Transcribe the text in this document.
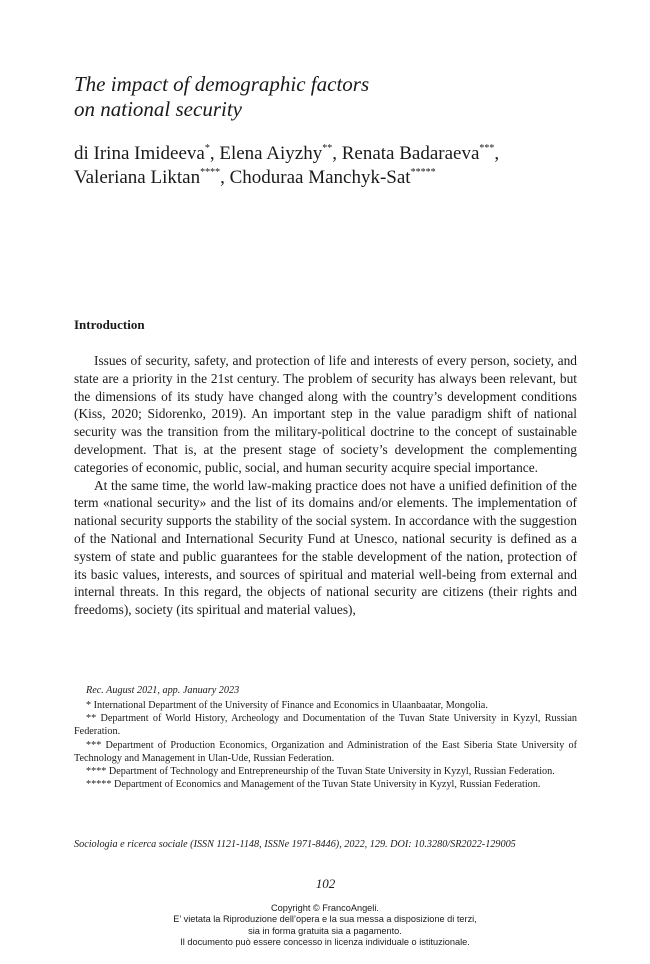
The impact of demographic factors
on national security
di Irina Imideeva*, Elena Aiyzhy**, Renata Badaraeva***,
Valeriana Liktan****, Choduraa Manchyk-Sat*****
Introduction

Issues of security, safety, and protection of life and interests of every person, society, and state are a priority in the 21st century. The problem of security has always been relevant, but the dimensions of its study have changed along with the country’s development conditions (Kiss, 2020; Sidorenko, 2019). An important step in the value paradigm shift of national security was the transition from the military-political doctrine to the concept of sustainable development. That is, at the present stage of society’s development the complementing categories of economic, public, social, and human security acquire special importance.

At the same time, the world law-making practice does not have a unified definition of the term «national security» and the list of its domains and/or elements. The implementation of national security supports the stability of the social system. In accordance with the suggestion of the National and International Security Fund at Unesco, national security is defined as a system of state and public guarantees for the stable development of the nation, protection of its basic values, interests, and sources of spiritual and material well-being from external and internal threats. In this regard, the objects of national security are citizens (their rights and freedoms), society (its spiritual and material values),

Rec. August 2021, app. January 2023

* International Department of the University of Finance and Economics in Ulaanbaatar, Mongolia.

** Department of World History, Archeology and Documentation of the Tuvan State University in Kyzyl, Russian Federation.

*** Department of Production Economics, Organization and Administration of the East Siberia State University of Technology and Management in Ulan-Ude, Russian Federation.

**** Department of Technology and Entrepreneurship of the Tuvan State University in Kyzyl, Russian Federation.

***** Department of Economics and Management of the Tuvan State University in Kyzyl, Russian Federation.

Sociologia e ricerca sociale (ISSN 1121-1148, ISSNe 1971-8446), 2022, 129. DOI: 10.3280/SR2022-129005

102

Copyright © FrancoAngeli.
E’ vietata la Riproduzione dell’opera e la sua messa a disposizione di terzi,
sia in forma gratuita sia a pagamento.
Il documento può essere concesso in licenza individuale o istituzionale.
